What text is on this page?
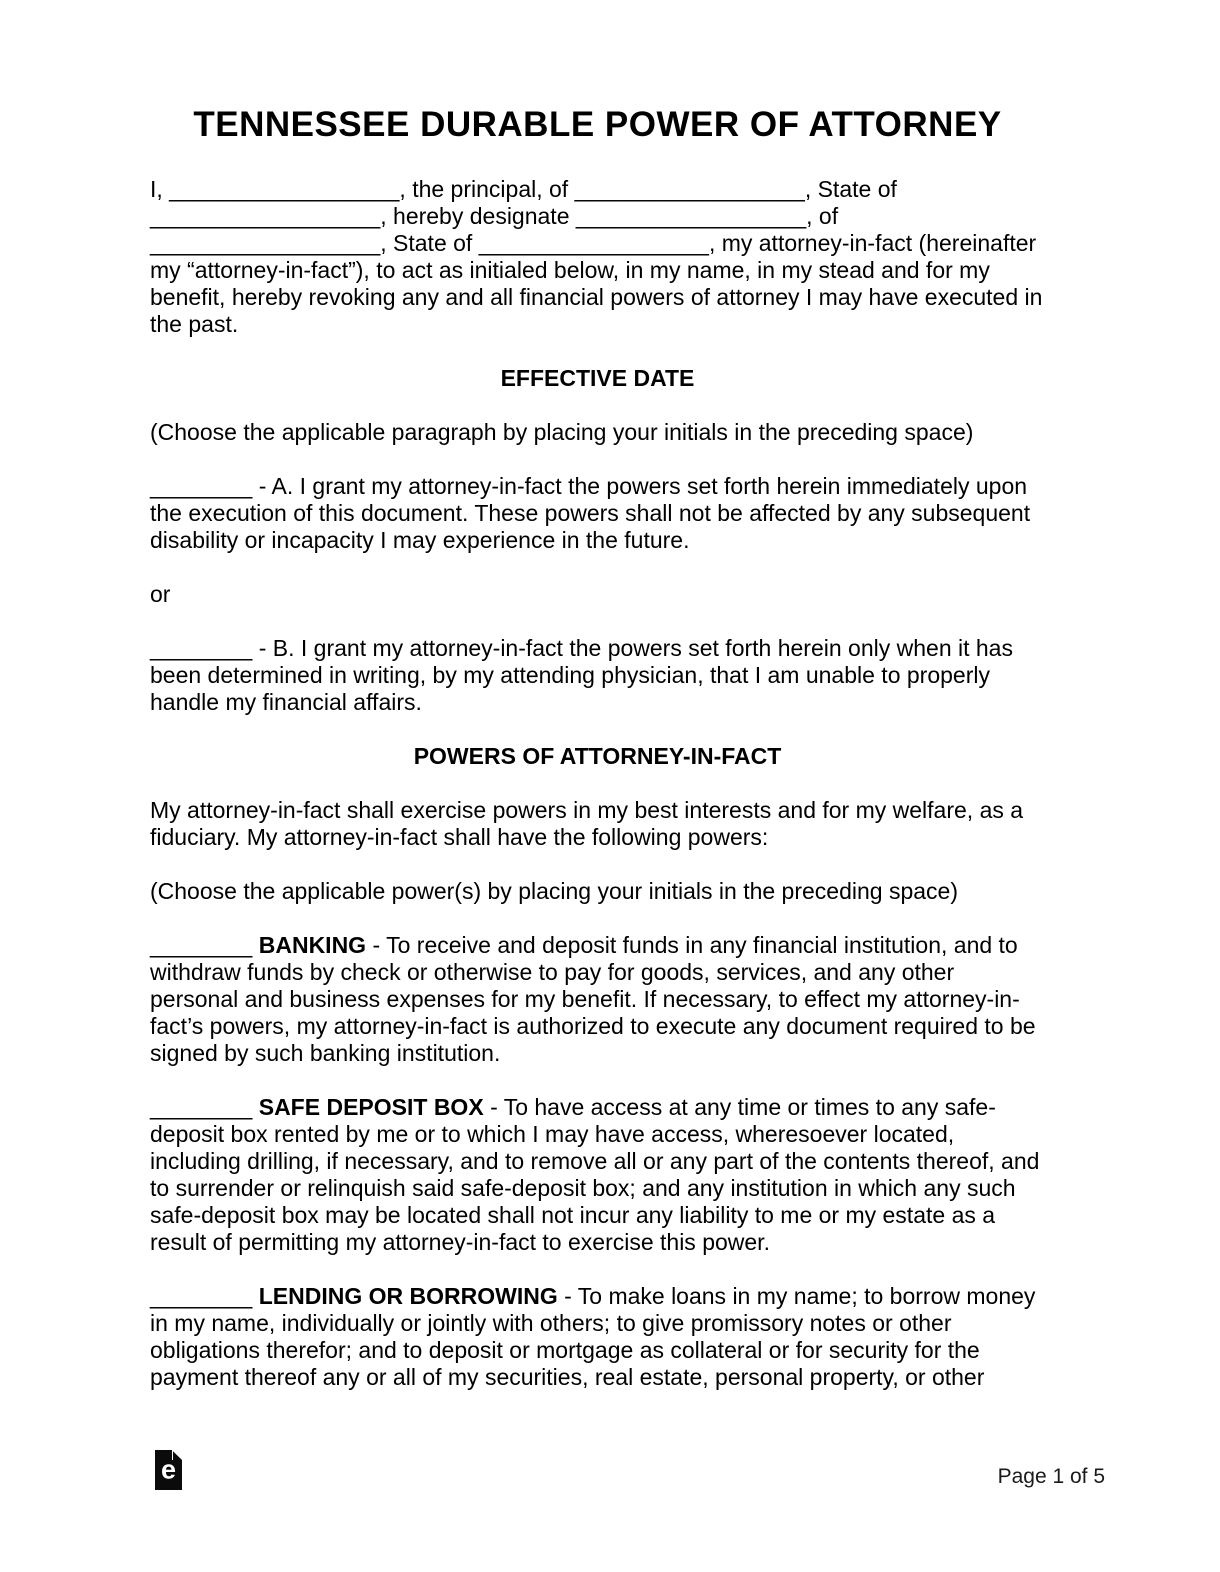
TENNESSEE DURABLE POWER OF ATTORNEY

I, __________________, the principal, of __________________, State of __________________, hereby designate __________________, of __________________, State of __________________, my attorney-in-fact (hereinafter my “attorney-in-fact”), to act as initialed below, in my name, in my stead and for my benefit, hereby revoking any and all financial powers of attorney I may have executed in the past.

EFFECTIVE DATE

(Choose the applicable paragraph by placing your initials in the preceding space)

________ - A. I grant my attorney-in-fact the powers set forth herein immediately upon the execution of this document. These powers shall not be affected by any subsequent disability or incapacity I may experience in the future.

or

________ - B. I grant my attorney-in-fact the powers set forth herein only when it has been determined in writing, by my attending physician, that I am unable to properly handle my financial affairs.

POWERS OF ATTORNEY-IN-FACT

My attorney-in-fact shall exercise powers in my best interests and for my welfare, as a fiduciary. My attorney-in-fact shall have the following powers:

(Choose the applicable power(s) by placing your initials in the preceding space)

________ BANKING - To receive and deposit funds in any financial institution, and to withdraw funds by check or otherwise to pay for goods, services, and any other personal and business expenses for my benefit. If necessary, to effect my attorney-in-fact’s powers, my attorney-in-fact is authorized to execute any document required to be signed by such banking institution.

________ SAFE DEPOSIT BOX - To have access at any time or times to any safe-deposit box rented by me or to which I may have access, wheresoever located, including drilling, if necessary, and to remove all or any part of the contents thereof, and to surrender or relinquish said safe-deposit box; and any institution in which any such safe-deposit box may be located shall not incur any liability to me or my estate as a result of permitting my attorney-in-fact to exercise this power.

________ LENDING OR BORROWING - To make loans in my name; to borrow money in my name, individually or jointly with others; to give promissory notes or other obligations therefor; and to deposit or mortgage as collateral or for security for the payment thereof any or all of my securities, real estate, personal property, or other

e	Page 1 of 5
